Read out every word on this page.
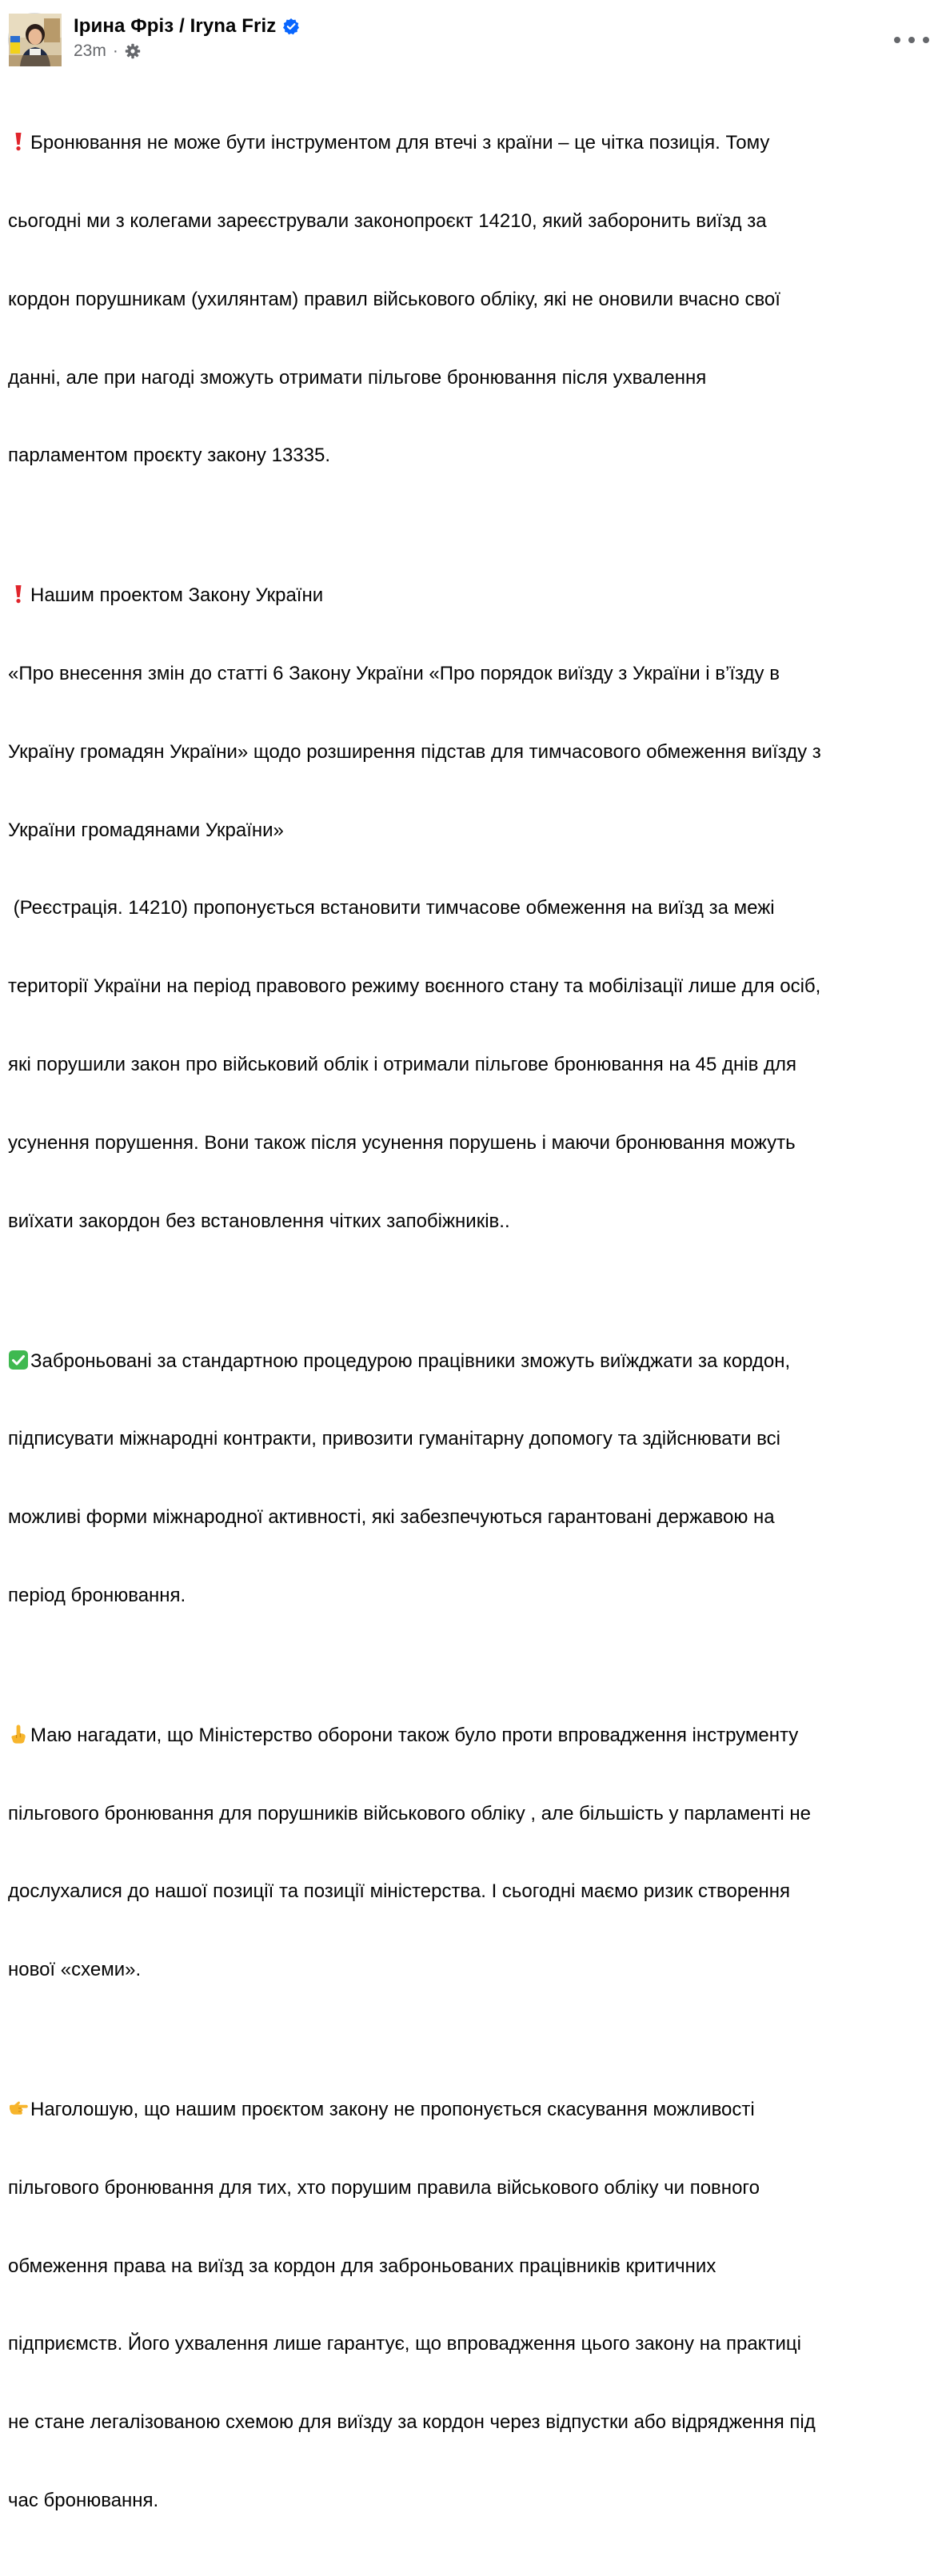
Ірина Фріз / Iryna Friz
23m ·

Бронювання не може бути інструментом для втечі з країни – це чітка позиція. Тому

сьогодні ми з колегами зареєстрували законопроєкт 14210, який заборонить виїзд за

кордон порушникам (ухилянтам) правил військового обліку, які не оновили вчасно свої

данні, але при нагоді зможуть отримати пільгове бронювання після ухвалення

парламентом проєкту закону 13335.

Нашим проектом Закону України

«Про внесення змін до статті 6 Закону України «Про порядок виїзду з України і в’їзду в

Україну громадян України» щодо розширення підстав для тимчасового обмеження виїзду з

України громадянами України»

(Реєстрація. 14210) пропонується встановити тимчасове обмеження на виїзд за межі

території України на період правового режиму воєнного стану та мобілізації лише для осіб,

які порушили закон про військовий облік і отримали пільгове бронювання на 45 днів для

усунення порушення. Вони також після усунення порушень і маючи бронювання можуть

виїхати закордон без встановлення чітких запобіжників..

Заброньовані за стандартною процедурою працівники зможуть виїжджати за кордон,

підписувати міжнародні контракти, привозити гуманітарну допомогу та здійснювати всі

можливі форми міжнародної активності, які забезпечуються гарантовані державою на

період бронювання.

Маю нагадати, що Міністерство оборони також було проти впровадження інструменту

пільгового бронювання для порушників військового обліку , але більшість у парламенті не

дослухалися до нашої позиції та позиції міністерства. І сьогодні маємо ризик створення

нової «схеми».

Наголошую, що нашим проєктом закону не пропонується скасування можливості

пільгового бронювання для тих, хто порушим правила військового обліку чи повного

обмеження права на виїзд за кордон для заброньованих працівників критичних

підприємств. Його ухвалення лише гарантує, що впровадження цього закону на практиці

не стане легалізованою схемою для виїзду за кордон через відпустки або відрядження під

час бронювання.
